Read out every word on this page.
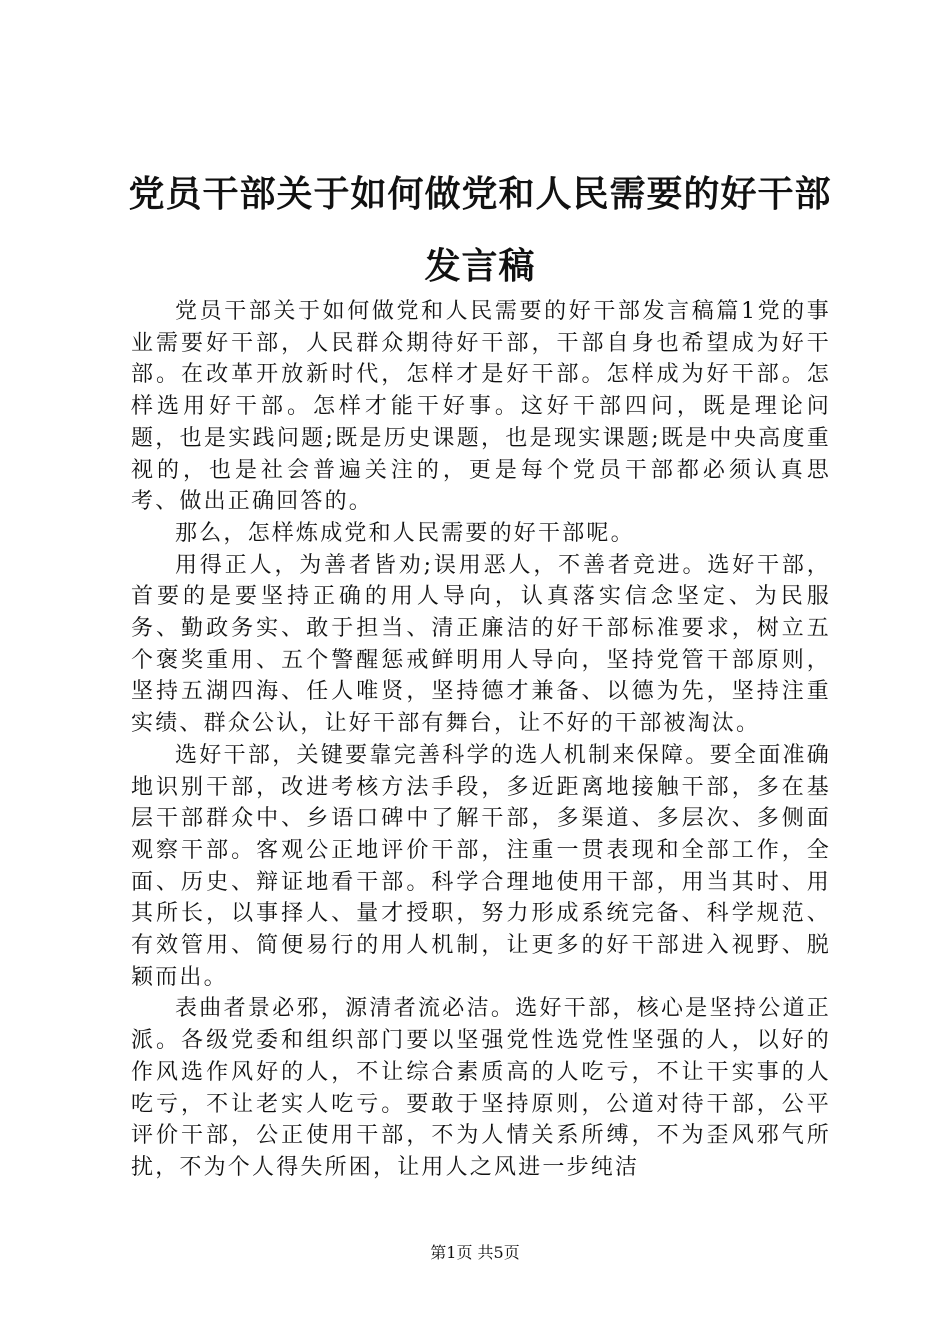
党员干部关于如何做党和人民需要的好干部发言稿

党员干部关于如何做党和人民需要的好干部发言稿篇1党的事业需要好干部，人民群众期待好干部，干部自身也希望成为好干部。在改革开放新时代，怎样才是好干部。怎样成为好干部。怎样选用好干部。怎样才能干好事。这好干部四问，既是理论问题，也是实践问题;既是历史课题，也是现实课题;既是中央高度重视的，也是社会普遍关注的，更是每个党员干部都必须认真思考、做出正确回答的。

那么，怎样炼成党和人民需要的好干部呢。

用得正人，为善者皆劝;误用恶人，不善者竞进。选好干部，首要的是要坚持正确的用人导向，认真落实信念坚定、为民服务、勤政务实、敢于担当、清正廉洁的好干部标准要求，树立五个褒奖重用、五个警醒惩戒鲜明用人导向，坚持党管干部原则，坚持五湖四海、任人唯贤，坚持德才兼备、以德为先，坚持注重实绩、群众公认，让好干部有舞台，让不好的干部被淘汰。

选好干部，关键要靠完善科学的选人机制来保障。要全面准确地识别干部，改进考核方法手段，多近距离地接触干部，多在基层干部群众中、乡语口碑中了解干部，多渠道、多层次、多侧面观察干部。客观公正地评价干部，注重一贯表现和全部工作，全面、历史、辩证地看干部。科学合理地使用干部，用当其时、用其所长，以事择人、量才授职，努力形成系统完备、科学规范、有效管用、简便易行的用人机制，让更多的好干部进入视野、脱颖而出。

表曲者景必邪，源清者流必洁。选好干部，核心是坚持公道正派。各级党委和组织部门要以坚强党性选党性坚强的人，以好的作风选作风好的人，不让综合素质高的人吃亏，不让干实事的人吃亏，不让老实人吃亏。要敢于坚持原则，公道对待干部，公平评价干部，公正使用干部，不为人情关系所缚，不为歪风邪气所扰，不为个人得失所困，让用人之风进一步纯洁

第1页 共5页
